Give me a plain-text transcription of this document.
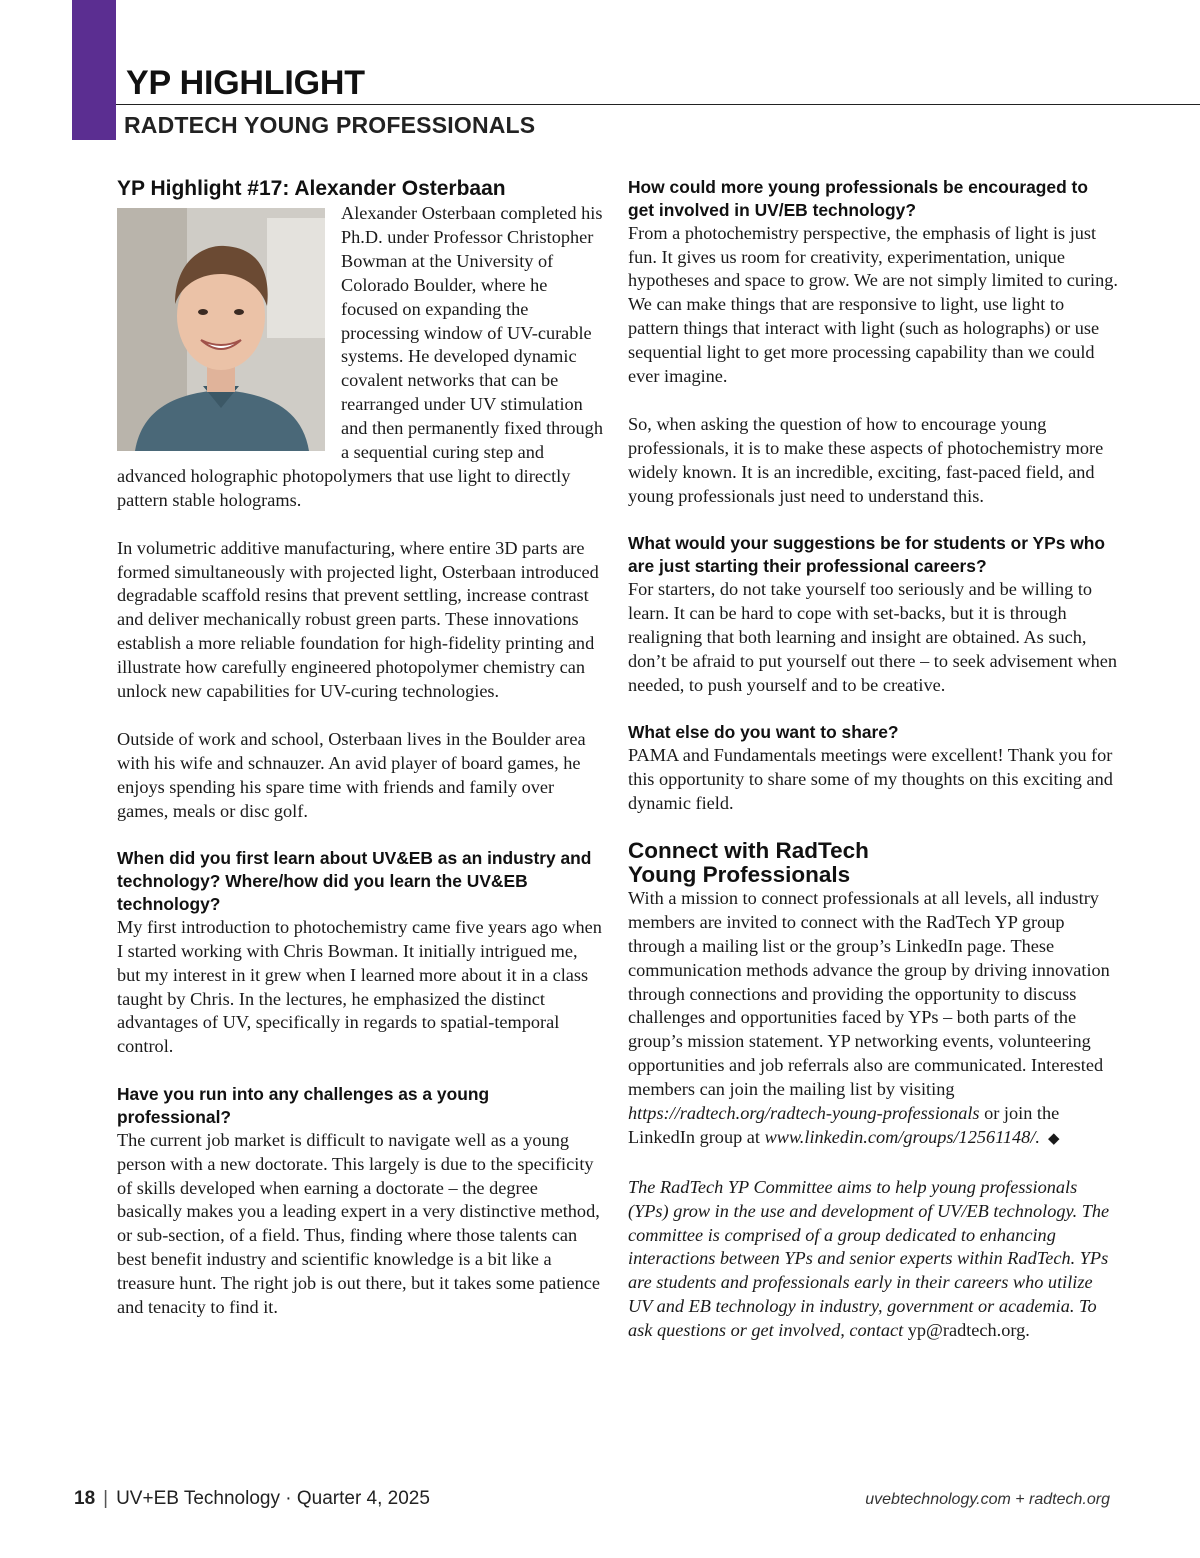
YP HIGHLIGHT
RADTECH YOUNG PROFESSIONALS
YP Highlight #17: Alexander Osterbaan

Alexander Osterbaan completed his Ph.D. under Professor Christopher Bowman at the University of Colorado Boulder, where he focused on expanding the processing window of UV-curable systems. He developed dynamic covalent networks that can be rearranged under UV stimulation and then permanently fixed through a sequential curing step and advanced holographic photopolymers that use light to directly pattern stable holograms.

In volumetric additive manufacturing, where entire 3D parts are formed simultaneously with projected light, Osterbaan introduced degradable scaffold resins that prevent settling, increase contrast and deliver mechanically robust green parts. These innovations establish a more reliable foundation for high-fidelity printing and illustrate how carefully engineered photopolymer chemistry can unlock new capabilities for UV-curing technologies.

Outside of work and school, Osterbaan lives in the Boulder area with his wife and schnauzer. An avid player of board games, he enjoys spending his spare time with friends and family over games, meals or disc golf.

When did you first learn about UV&EB as an industry and technology? Where/how did you learn the UV&EB technology?

My first introduction to photochemistry came five years ago when I started working with Chris Bowman. It initially intrigued me, but my interest in it grew when I learned more about it in a class taught by Chris. In the lectures, he emphasized the distinct advantages of UV, specifically in regards to spatial-temporal control.

Have you run into any challenges as a young professional?

The current job market is difficult to navigate well as a young person with a new doctorate. This largely is due to the specificity of skills developed when earning a doctorate – the degree basically makes you a leading expert in a very distinctive method, or sub-section, of a field. Thus, finding where those talents can best benefit industry and scientific knowledge is a bit like a treasure hunt. The right job is out there, but it takes some patience and tenacity to find it.

How could more young professionals be encouraged to get involved in UV/EB technology?

From a photochemistry perspective, the emphasis of light is just fun. It gives us room for creativity, experimentation, unique hypotheses and space to grow. We are not simply limited to curing. We can make things that are responsive to light, use light to pattern things that interact with light (such as holographs) or use sequential light to get more processing capability than we could ever imagine.

So, when asking the question of how to encourage young professionals, it is to make these aspects of photochemistry more widely known. It is an incredible, exciting, fast-paced field, and young professionals just need to understand this.

What would your suggestions be for students or YPs who are just starting their professional careers?

For starters, do not take yourself too seriously and be willing to learn. It can be hard to cope with set-backs, but it is through realigning that both learning and insight are obtained. As such, don’t be afraid to put yourself out there – to seek advisement when needed, to push yourself and to be creative.

What else do you want to share?

PAMA and Fundamentals meetings were excellent! Thank you for this opportunity to share some of my thoughts on this exciting and dynamic field.

Connect with RadTech
Young Professionals

With a mission to connect professionals at all levels, all industry members are invited to connect with the RadTech YP group through a mailing list or the group’s LinkedIn page. These communication methods advance the group by driving innovation through connections and providing the opportunity to discuss challenges and opportunities faced by YPs – both parts of the group’s mission statement. YP networking events, volunteering opportunities and job referrals also are communicated. Interested members can join the mailing list by visiting https://radtech.org/radtech-young-professionals or join the LinkedIn group at www.linkedin.com/groups/12561148/. ◆

The RadTech YP Committee aims to help young professionals (YPs) grow in the use and development of UV/EB technology. The committee is comprised of a group dedicated to enhancing interactions between YPs and senior experts within RadTech. YPs are students and professionals early in their careers who utilize UV and EB technology in industry, government or academia. To ask questions or get involved, contact yp@radtech.org.

18 | UV+EB Technology · Quarter 4, 2025	uvebtechnology.com + radtech.org
